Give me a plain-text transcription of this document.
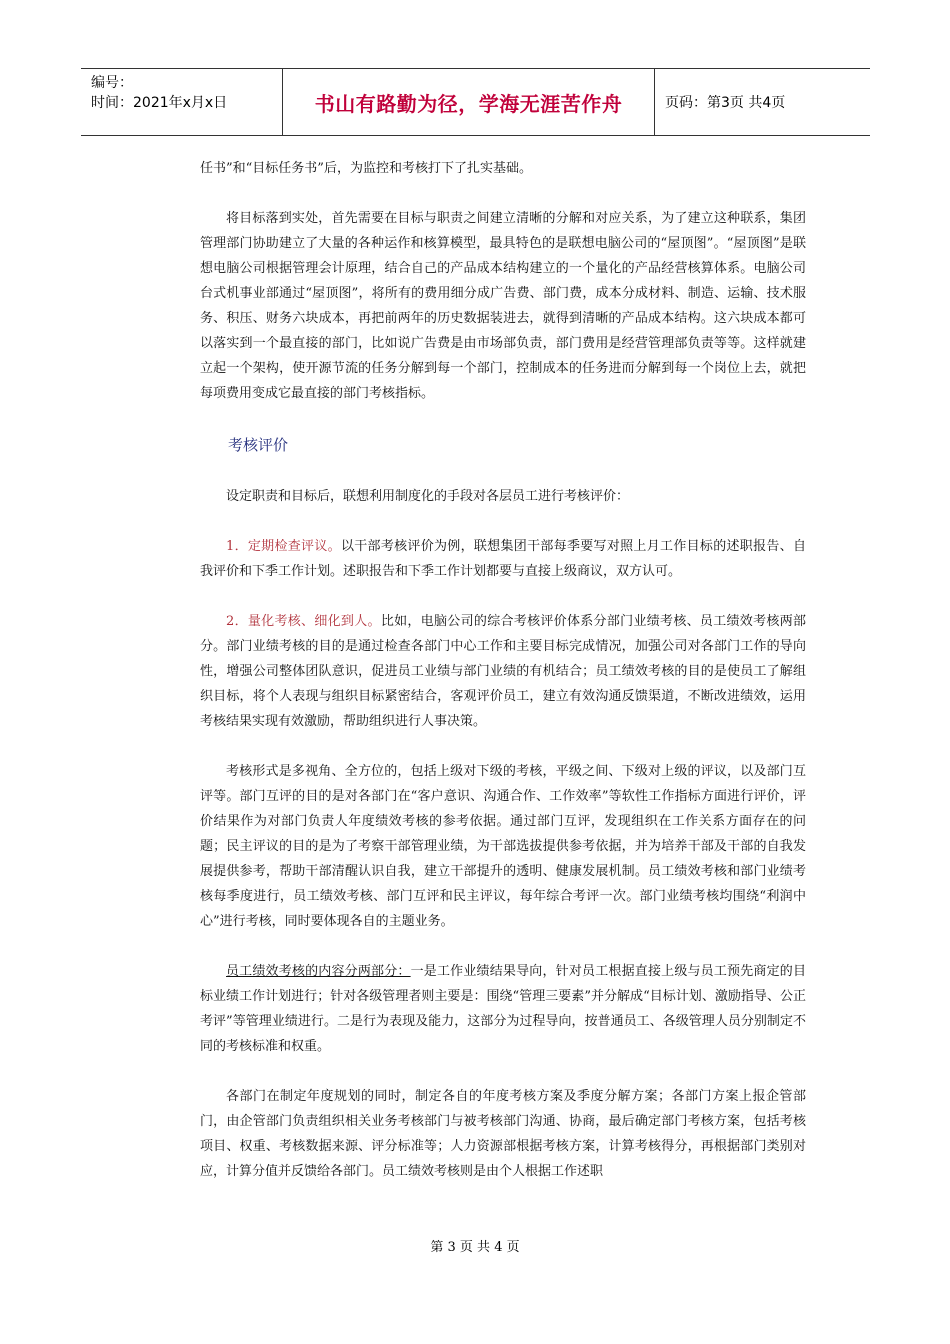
编号：
时间：2021年x月x日	书山有路勤为径，学海无涯苦作舟	页码：第3页 共4页

任书”和“目标任务书”后，为监控和考核打下了扎实基础。

将目标落到实处，首先需要在目标与职责之间建立清晰的分解和对应关系，为了建立这种联系，集团管理部门协助建立了大量的各种运作和核算模型，最具特色的是联想电脑公司的“屋顶图”。“屋顶图”是联想电脑公司根据管理会计原理，结合自己的产品成本结构建立的一个量化的产品经营核算体系。电脑公司台式机事业部通过“屋顶图”，将所有的费用细分成广告费、部门费，成本分成材料、制造、运输、技术服务、积压、财务六块成本，再把前两年的历史数据装进去，就得到清晰的产品成本结构。这六块成本都可以落实到一个最直接的部门，比如说广告费是由市场部负责，部门费用是经营管理部负责等等。这样就建立起一个架构，使开源节流的任务分解到每一个部门，控制成本的任务进而分解到每一个岗位上去，就把每项费用变成它最直接的部门考核指标。

考核评价

设定职责和目标后，联想利用制度化的手段对各层员工进行考核评价：

1．定期检查评议。以干部考核评价为例，联想集团干部每季要写对照上月工作目标的述职报告、自我评价和下季工作计划。述职报告和下季工作计划都要与直接上级商议，双方认可。

2．量化考核、细化到人。比如，电脑公司的综合考核评价体系分部门业绩考核、员工绩效考核两部分。部门业绩考核的目的是通过检查各部门中心工作和主要目标完成情况，加强公司对各部门工作的导向性，增强公司整体团队意识，促进员工业绩与部门业绩的有机结合；员工绩效考核的目的是使员工了解组织目标，将个人表现与组织目标紧密结合，客观评价员工，建立有效沟通反馈渠道，不断改进绩效，运用考核结果实现有效激励，帮助组织进行人事决策。

考核形式是多视角、全方位的，包括上级对下级的考核，平级之间、下级对上级的评议，以及部门互评等。部门互评的目的是对各部门在“客户意识、沟通合作、工作效率”等软性工作指标方面进行评价，评价结果作为对部门负责人年度绩效考核的参考依据。通过部门互评，发现组织在工作关系方面存在的问题；民主评议的目的是为了考察干部管理业绩，为干部选拔提供参考依据，并为培养干部及干部的自我发展提供参考，帮助干部清醒认识自我，建立干部提升的透明、健康发展机制。员工绩效考核和部门业绩考核每季度进行，员工绩效考核、部门互评和民主评议，每年综合考评一次。部门业绩考核均围绕“利润中心”进行考核，同时要体现各自的主题业务。

员工绩效考核的内容分两部分：一是工作业绩结果导向，针对员工根据直接上级与员工预先商定的目标业绩工作计划进行；针对各级管理者则主要是：围绕“管理三要素”并分解成“目标计划、激励指导、公正考评”等管理业绩进行。二是行为表现及能力，这部分为过程导向，按普通员工、各级管理人员分别制定不同的考核标准和权重。

各部门在制定年度规划的同时，制定各自的年度考核方案及季度分解方案；各部门方案上报企管部门，由企管部门负责组织相关业务考核部门与被考核部门沟通、协商，最后确定部门考核方案，包括考核项目、权重、考核数据来源、评分标准等；人力资源部根据考核方案，计算考核得分，再根据部门类别对应，计算分值并反馈给各部门。员工绩效考核则是由个人根据工作述职

第 3 页 共 4 页
